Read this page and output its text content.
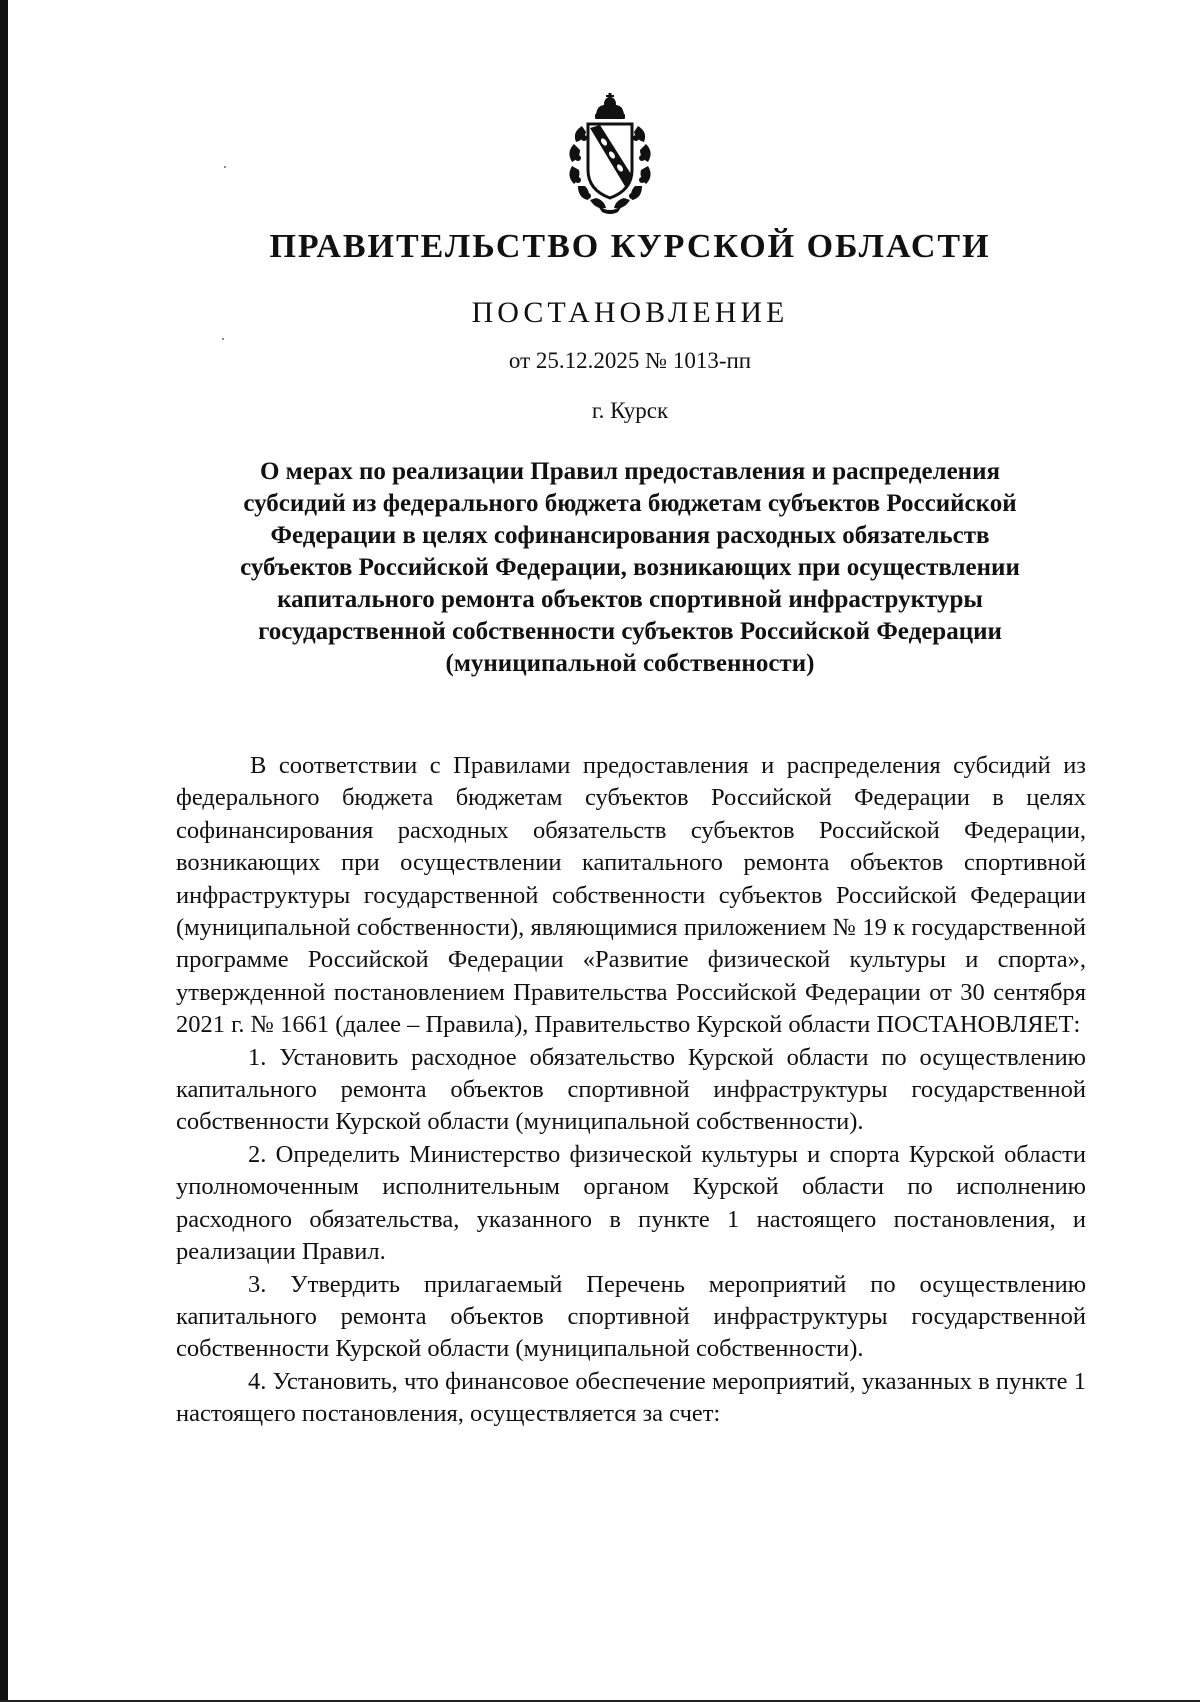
ПРАВИТЕЛЬСТВО КУРСКОЙ ОБЛАСТИ
ПОСТАНОВЛЕНИЕ
от 25.12.2025 № 1013-пп
г. Курск
О мерах по реализации Правил предоставления и распределения
субсидий из федерального бюджета бюджетам субъектов Российской
Федерации в целях софинансирования расходных обязательств
субъектов Российской Федерации, возникающих при осуществлении
капитального ремонта объектов спортивной инфраструктуры
государственной собственности субъектов Российской Федерации
(муниципальной собственности)

В соответствии с Правилами предоставления и распределения субсидий из федерального бюджета бюджетам субъектов Российской Федерации в целях софинансирования расходных обязательств субъектов Российской Федерации, возникающих при осуществлении капитального ремонта объектов спортивной инфраструктуры государственной собственности субъектов Российской Федерации (муниципальной собственности), являющимися приложением № 19 к государственной программе Российской Федерации «Развитие физической культуры и спорта», утвержденной постановлением Правительства Российской Федерации от 30 сентября 2021 г. № 1661 (далее – Правила), Правительство Курской области ПОСТАНОВЛЯЕТ:

1. Установить расходное обязательство Курской области по осуществлению капитального ремонта объектов спортивной инфраструктуры государственной собственности Курской области (муниципальной собственности).

2. Определить Министерство физической культуры и спорта Курской области уполномоченным исполнительным органом Курской области по исполнению расходного обязательства, указанного в пункте 1 настоящего постановления, и реализации Правил.

3. Утвердить прилагаемый Перечень мероприятий по осуществлению капитального ремонта объектов спортивной инфраструктуры государственной собственности Курской области (муниципальной собственности).

4. Установить, что финансовое обеспечение мероприятий, указанных в пункте 1 настоящего постановления, осуществляется за счет:
